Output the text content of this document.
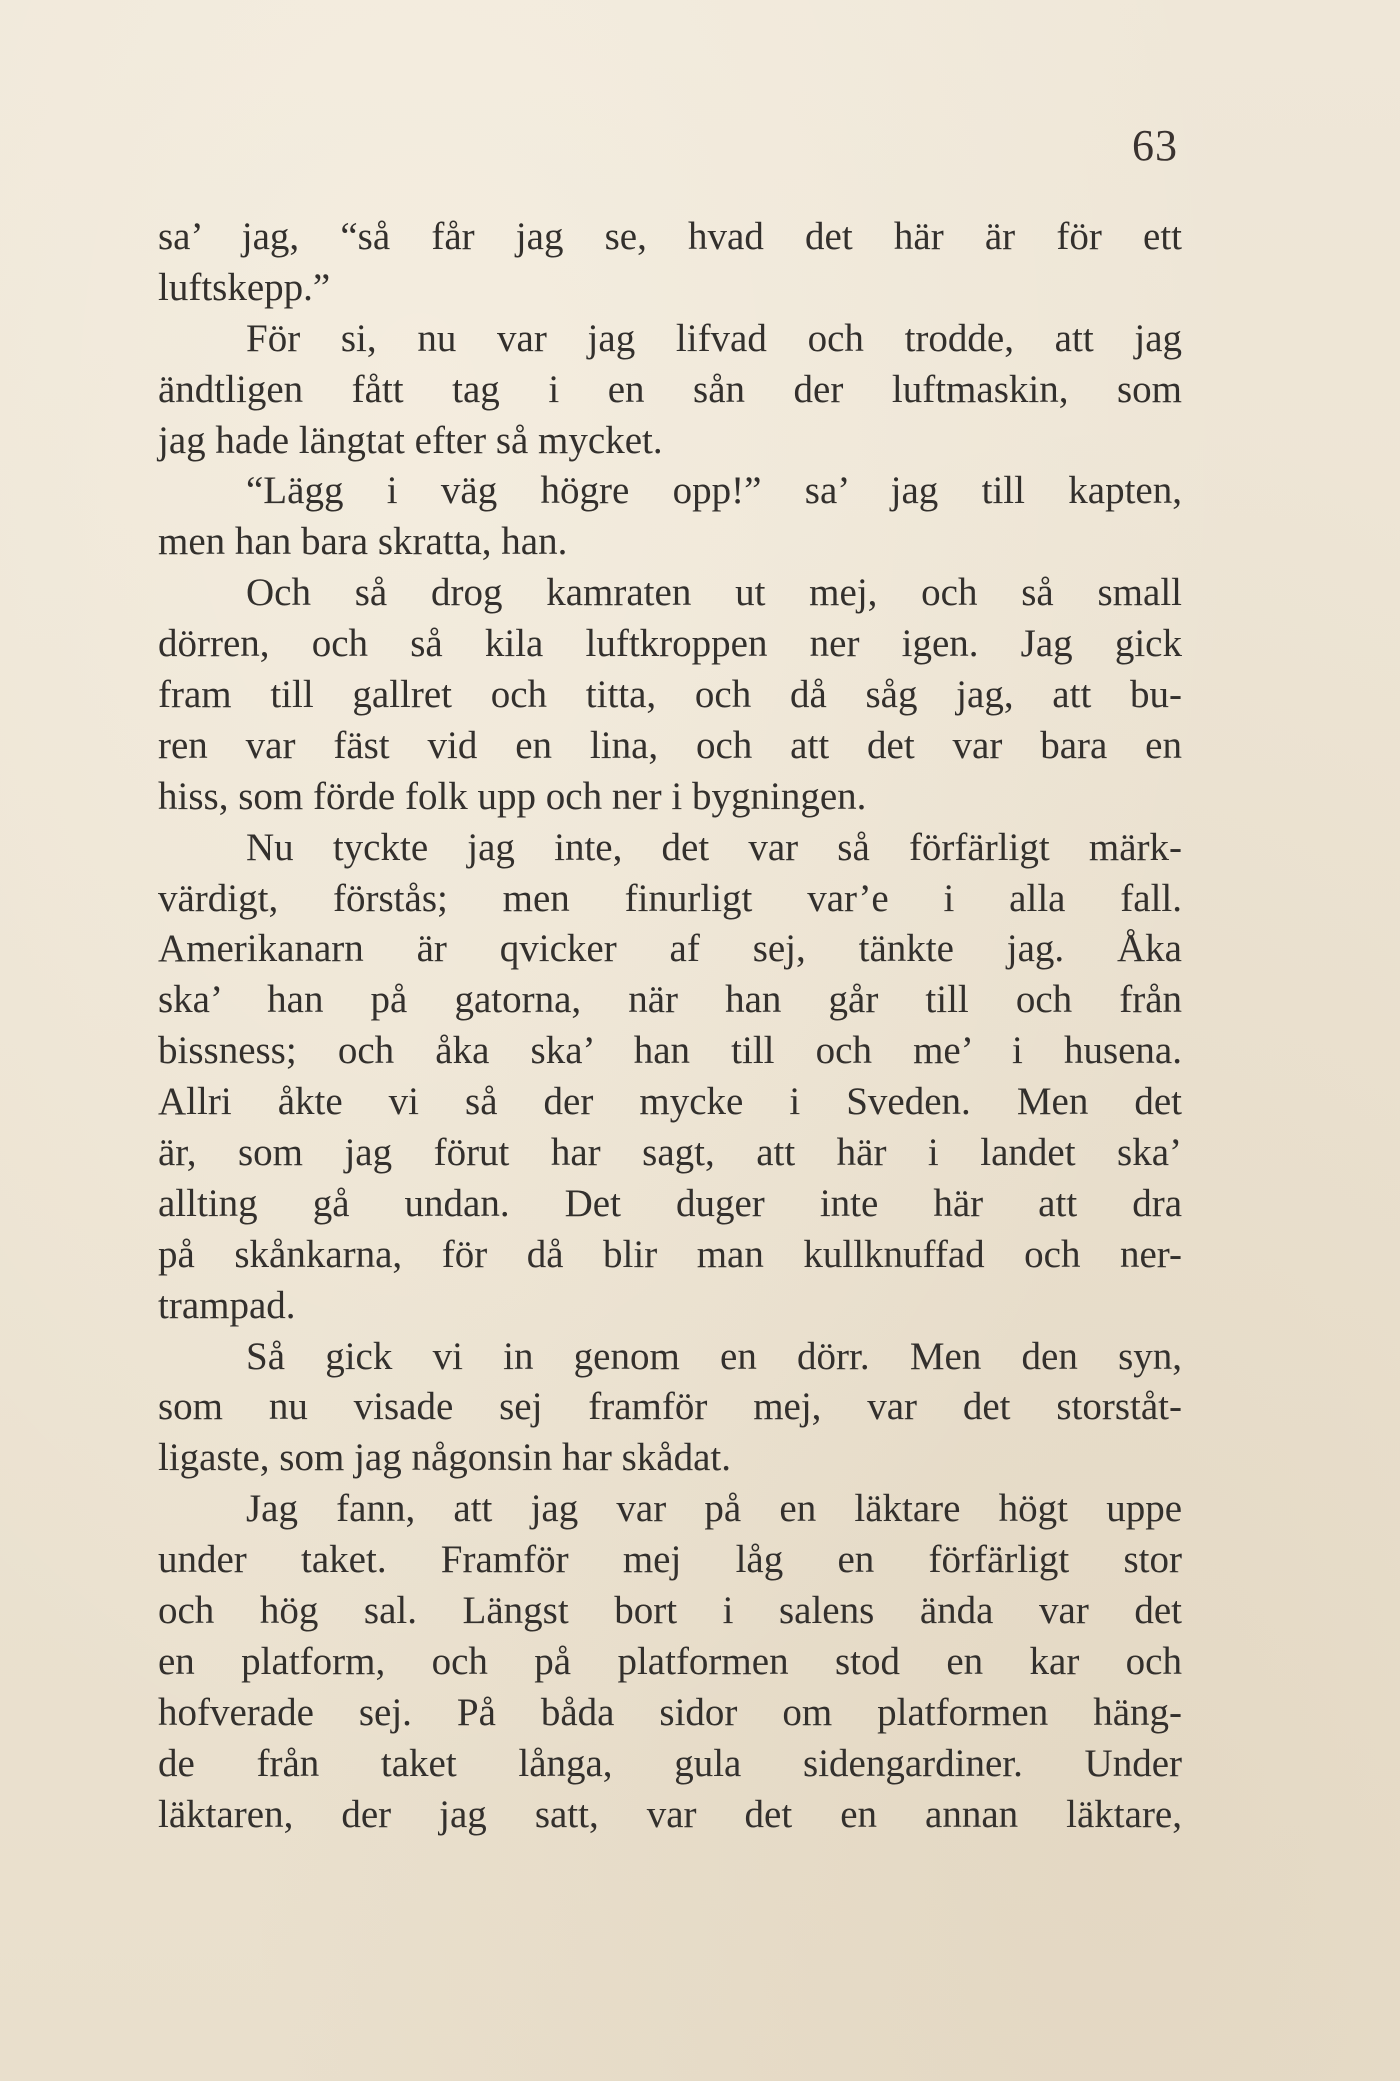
63
sa’ jag, “så får jag se, hvad det här är för ett
luftskepp.”
För si, nu var jag lifvad och trodde, att jag
ändtligen fått tag i en sån der luftmaskin, som
jag hade längtat efter så mycket.
“Lägg i väg högre opp!” sa’ jag till kapten,
men han bara skratta, han.
Och så drog kamraten ut mej, och så small
dörren, och så kila luftkroppen ner igen. Jag gick
fram till gallret och titta, och då såg jag, att bu-
ren var fäst vid en lina, och att det var bara en
hiss, som förde folk upp och ner i bygningen.
Nu tyckte jag inte, det var så förfärligt märk-
värdigt, förstås; men finurligt var’e i alla fall.
Amerikanarn är qvicker af sej, tänkte jag. Åka
ska’ han på gatorna, när han går till och från
bissness; och åka ska’ han till och me’ i husena.
Allri åkte vi så der mycke i Sveden. Men det
är, som jag förut har sagt, att här i landet ska’
allting gå undan. Det duger inte här att dra
på skånkarna, för då blir man kullknuffad och ner-
trampad.
Så gick vi in genom en dörr. Men den syn,
som nu visade sej framför mej, var det storståt-
ligaste, som jag någonsin har skådat.
Jag fann, att jag var på en läktare högt uppe
under taket. Framför mej låg en förfärligt stor
och hög sal. Längst bort i salens ända var det
en platform, och på platformen stod en kar och
hofverade sej. På båda sidor om platformen häng-
de från taket långa, gula sidengardiner. Under
läktaren, der jag satt, var det en annan läktare,
